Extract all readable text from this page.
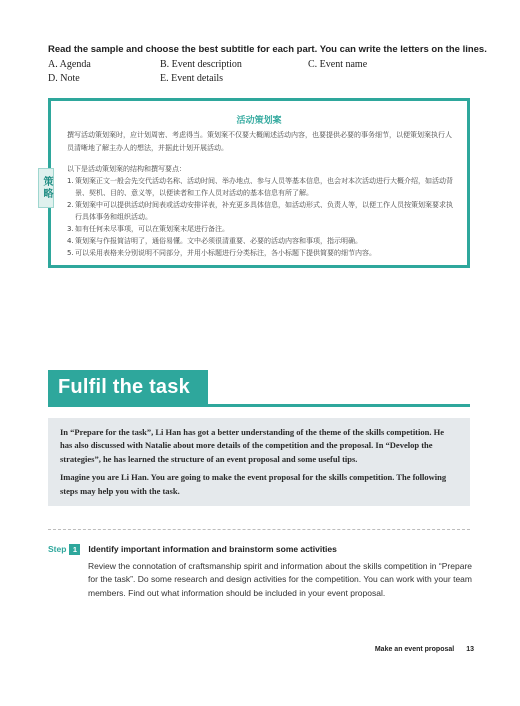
Read the sample and choose the best subtitle for each part. You can write the letters on the lines.
A. Agenda	B. Event description	C. Event name
D. Note	E. Event details
活动策划案
撰写活动策划案时，应计划周密、考虑得当。策划案不仅要大概阐述活动内容，也要提供必要的事务细节，以便策划案执行人员清晰地了解主办人的想法，并据此计划开展活动。
以下是活动策划案的结构和撰写要点：
1. 策划案正文一般会先交代活动名称、活动时间、举办地点、参与人员等基本信息，也会对本次活动进行大概介绍，如活动背景、契机、目的、意义等，以便读者和工作人员对活动的基本信息有所了解。
2. 策划案中可以提供活动时间表或活动安排详表，补充更多具体信息，如活动形式、负责人等，以便工作人员按策划案要求执行具体事务和组织活动。
3. 如有任何未尽事项，可以在策划案末尾进行备注。
4. 策划案与作报简洁明了，通俗易懂。文中必须很清重要、必要的活动内容和事项，指示明确。
5. 可以采用表格来分别说明不同部分，并用小标题进行分类标注，各小标题下提供简要的细节内容。
策略
Fulfil the task

In “Prepare for the task”, Li Han has got a better understanding of the theme of the skills competition. He has also discussed with Natalie about more details of the competition and the proposal. In “Develop the strategies”, he has learned the structure of an event proposal and some useful tips.

Imagine you are Li Han. You are going to make the event proposal for the skills competition. The following steps may help you with the task.

Step 1	Identify important information and brainstorm some activities
Review the connotation of craftsmanship spirit and information about the skills competition in “Prepare for the task”. Do some research and design activities for the competition. You can work with your team members. Find out what information should be included in your event proposal.
Make an event proposal 13
